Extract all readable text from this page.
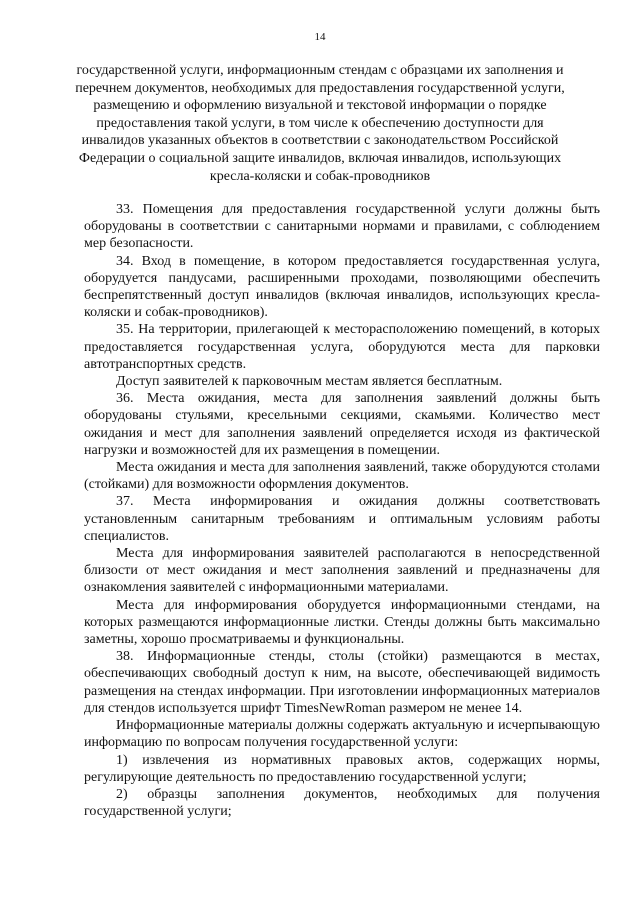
14
государственной услуги, информационным стендам с образцами их заполнения и перечнем документов, необходимых для предоставления государственной услуги, размещению и оформлению визуальной и текстовой информации о порядке предоставления такой услуги, в том числе к обеспечению доступности для инвалидов указанных объектов в соответствии с законодательством Российской Федерации о социальной защите инвалидов, включая инвалидов, использующих кресла-коляски и собак-проводников

33. Помещения для предоставления государственной услуги должны быть оборудованы в соответствии с санитарными нормами и правилами, с соблюдением мер безопасности.

34. Вход в помещение, в котором предоставляется государственная услуга, оборудуется пандусами, расширенными проходами, позволяющими обеспечить беспрепятственный доступ инвалидов (включая инвалидов, использующих кресла-коляски и собак-проводников).

35. На территории, прилегающей к месторасположению помещений, в которых предоставляется государственная услуга, оборудуются места для парковки автотранспортных средств.

Доступ заявителей к парковочным местам является бесплатным.

36. Места ожидания, места для заполнения заявлений должны быть оборудованы стульями, кресельными секциями, скамьями. Количество мест ожидания и мест для заполнения заявлений определяется исходя из фактической нагрузки и возможностей для их размещения в помещении.

Места ожидания и места для заполнения заявлений, также оборудуются столами (стойками) для возможности оформления документов.

37. Места информирования и ожидания должны соответствовать установленным санитарным требованиям и оптимальным условиям работы специалистов.

Места для информирования заявителей располагаются в непосредственной близости от мест ожидания и мест заполнения заявлений и предназначены для ознакомления заявителей с информационными материалами.

Места для информирования оборудуется информационными стендами, на которых размещаются информационные листки. Стенды должны быть максимально заметны, хорошо просматриваемы и функциональны.

38. Информационные стенды, столы (стойки) размещаются в местах, обеспечивающих свободный доступ к ним, на высоте, обеспечивающей видимость размещения на стендах информации. При изготовлении информационных материалов для стендов используется шрифт TimesNewRoman размером не менее 14.

Информационные материалы должны содержать актуальную и исчерпывающую информацию по вопросам получения государственной услуги:

1) извлечения из нормативных правовых актов, содержащих нормы, регулирующие деятельность по предоставлению государственной услуги;

2) образцы заполнения документов, необходимых для получения государственной услуги;
